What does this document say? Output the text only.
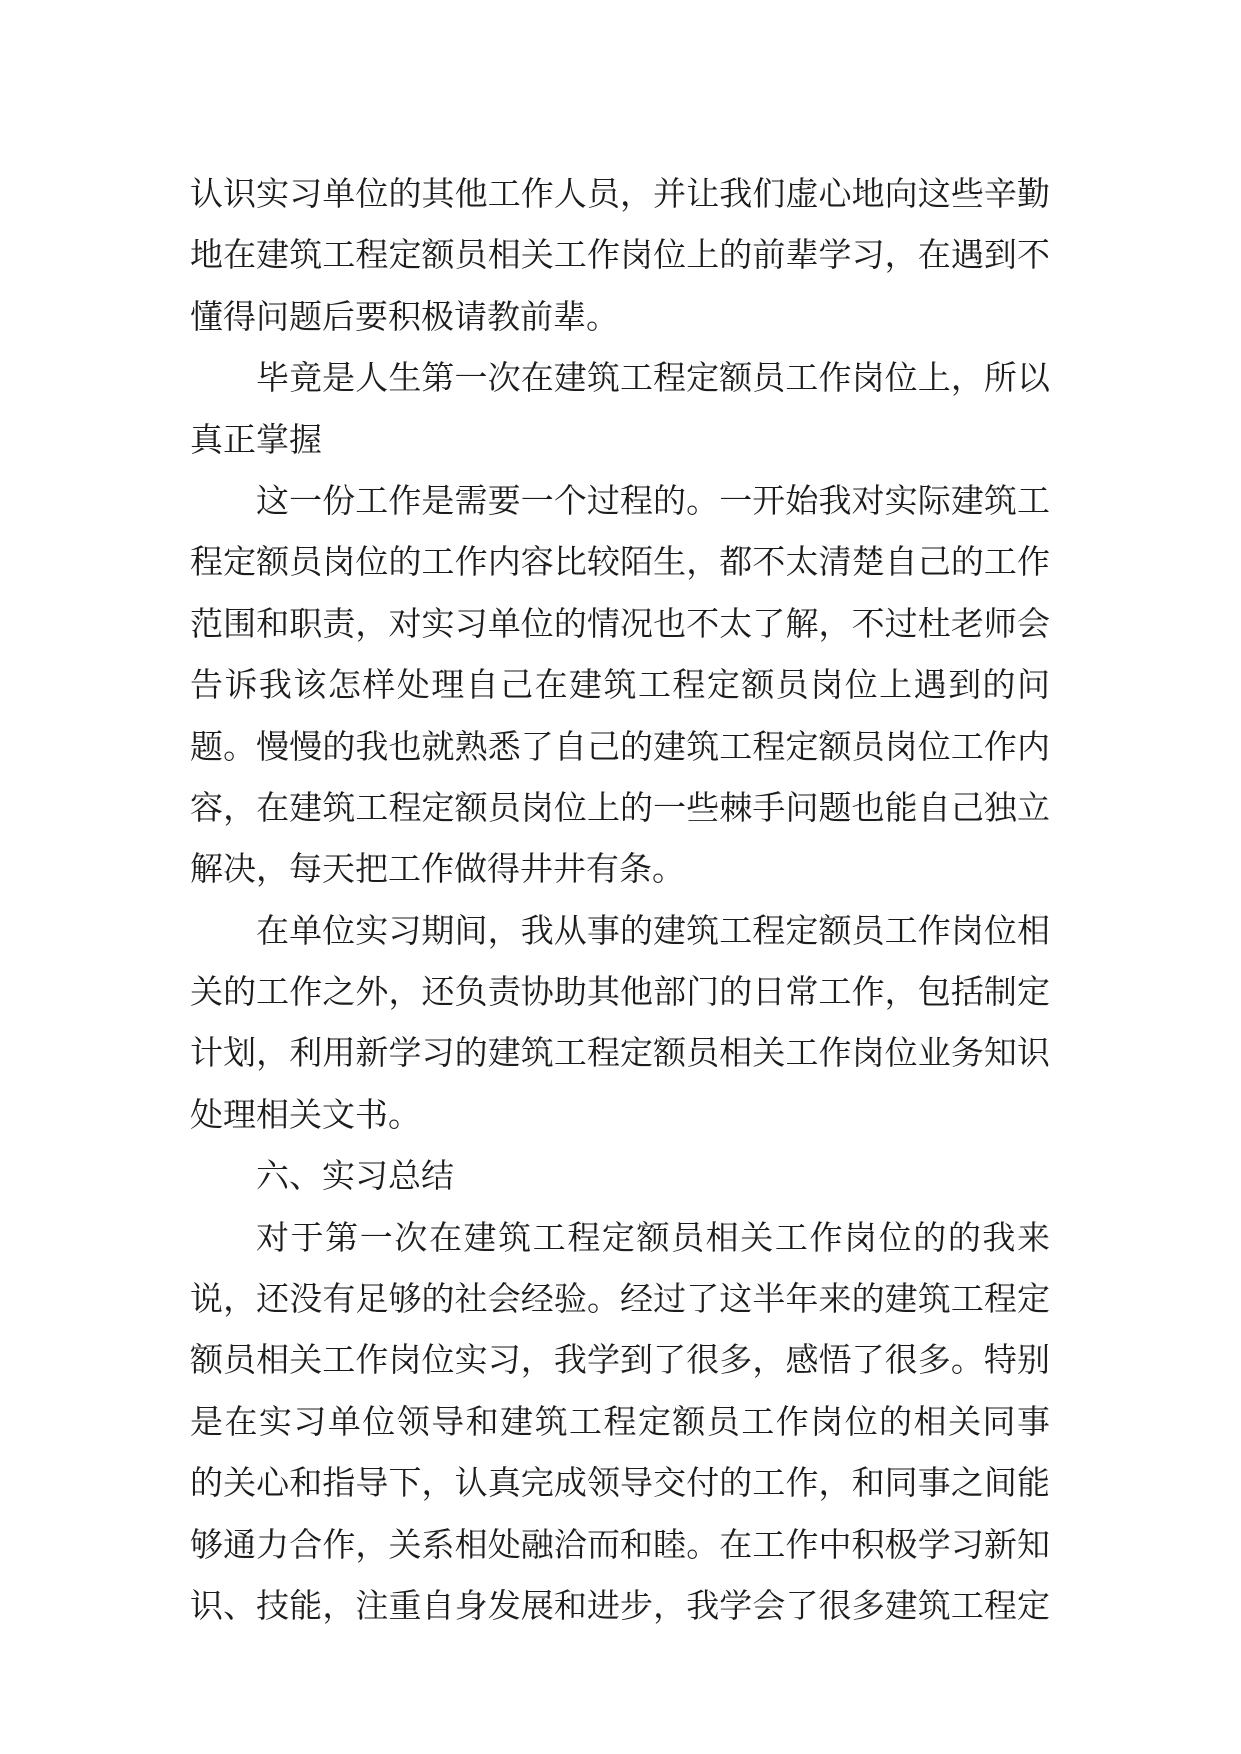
认识实习单位的其他工作人员，并让我们虚心地向这些辛勤
地在建筑工程定额员相关工作岗位上的前辈学习，在遇到不
懂得问题后要积极请教前辈。
毕竟是人生第一次在建筑工程定额员工作岗位上，所以
真正掌握
这一份工作是需要一个过程的。一开始我对实际建筑工
程定额员岗位的工作内容比较陌生，都不太清楚自己的工作
范围和职责，对实习单位的情况也不太了解，不过杜老师会
告诉我该怎样处理自己在建筑工程定额员岗位上遇到的问
题。慢慢的我也就熟悉了自己的建筑工程定额员岗位工作内
容，在建筑工程定额员岗位上的一些棘手问题也能自己独立
解决，每天把工作做得井井有条。
在单位实习期间，我从事的建筑工程定额员工作岗位相
关的工作之外，还负责协助其他部门的日常工作，包括制定
计划，利用新学习的建筑工程定额员相关工作岗位业务知识
处理相关文书。
六、实习总结
对于第一次在建筑工程定额员相关工作岗位的的我来
说，还没有足够的社会经验。经过了这半年来的建筑工程定
额员相关工作岗位实习，我学到了很多，感悟了很多。特别
是在实习单位领导和建筑工程定额员工作岗位的相关同事
的关心和指导下，认真完成领导交付的工作，和同事之间能
够通力合作，关系相处融洽而和睦。在工作中积极学习新知
识、技能，注重自身发展和进步，我学会了很多建筑工程定
